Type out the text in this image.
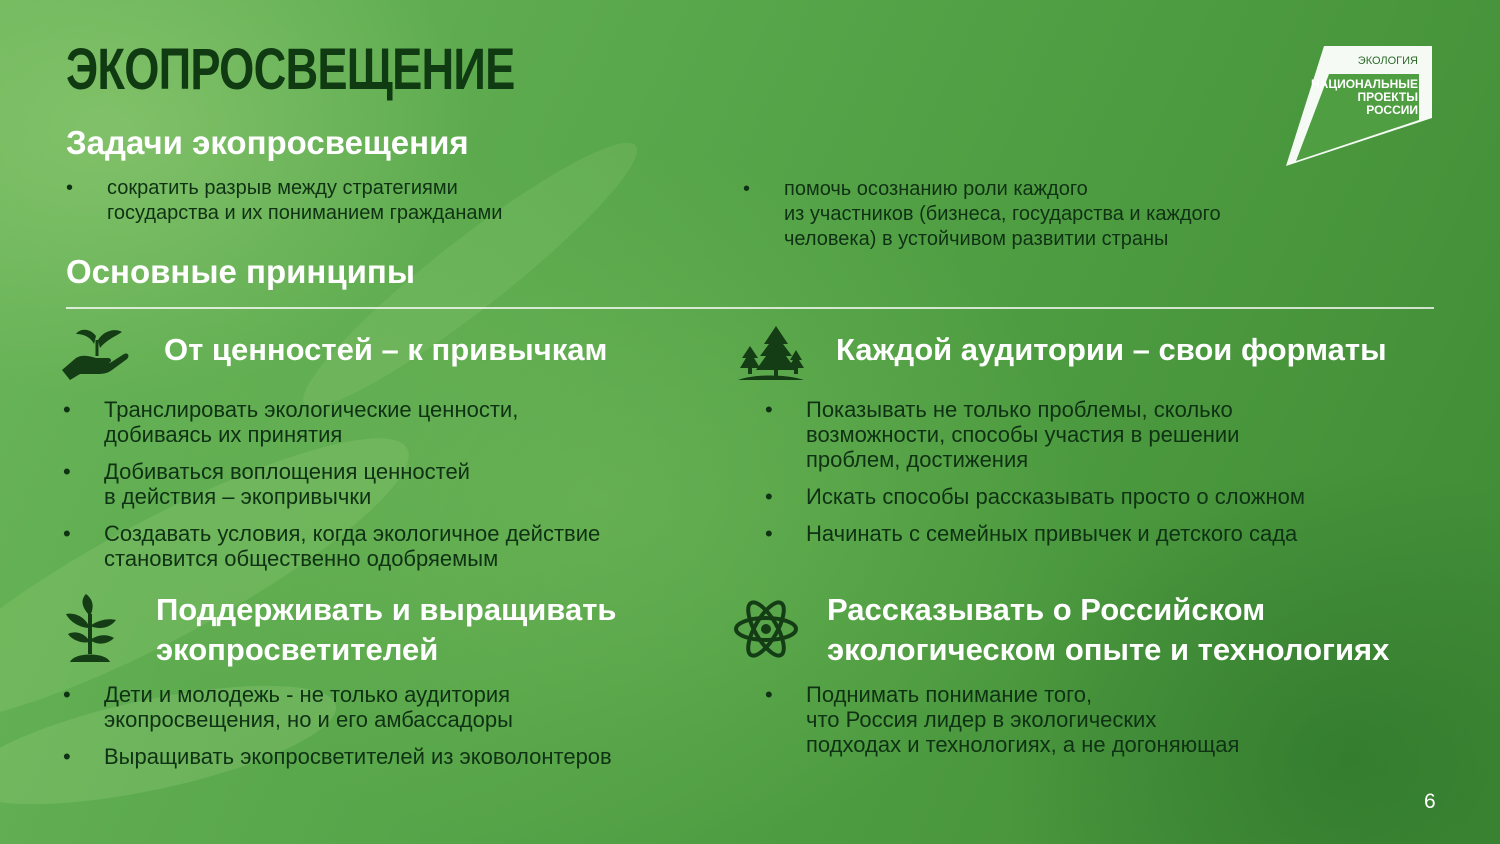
ЭКОПРОСВЕЩЕНИЕ	ЭКОЛОГИЯ
НАЦИОНАЛЬНЫЕ
ПРОЕКТЫ
РОССИИ
Задачи экопросвещения
• сократить разрыв между стратегиями
государства и их пониманием гражданами
• помочь осознанию роли каждого
из участников (бизнеса, государства и каждого
человека) в устойчивом развитии страны
Основные принципы
От ценностей – к привычкам
• Транслировать экологические ценности,
добиваясь их принятия
• Добиваться воплощения ценностей
в действия – экопривычки
• Создавать условия, когда экологичное действие
становится общественно одобряемым
Каждой аудитории – свои форматы
• Показывать не только проблемы, сколько
возможности, способы участия в решении
проблем, достижения
• Искать способы рассказывать просто о сложном
• Начинать с семейных привычек и детского сада
Поддерживать и выращивать
экопросветителей
• Дети и молодежь - не только аудитория
экопросвещения, но и его амбассадоры
• Выращивать экопросветителей из эковолонтеров
Рассказывать о Российском
экологическом опыте и технологиях
• Поднимать понимание того,
что Россия лидер в экологических
подходах и технологиях, а не догоняющая
6
